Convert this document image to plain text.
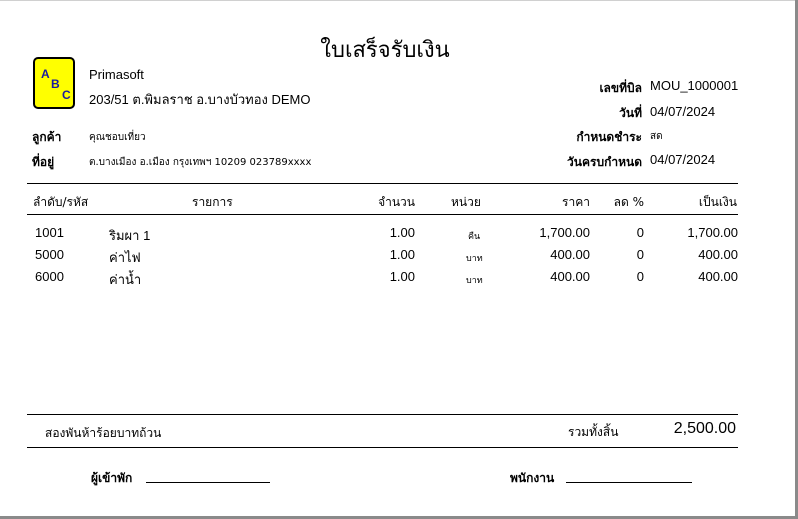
ใบเสร็จรับเงิน
A
B
C
Primasoft
203/51 ต.พิมลราช อ.บางบัวทอง DEMO
เลขที่บิล MOU_1000001
วันที่ 04/07/2024
กำหนดชำระ สด
วันครบกำหนด 04/07/2024
ลูกค้า	คุณชอบเที่ยว
ที่อยู่	ต.บางเมือง อ.เมือง กรุงเทพฯ 10209 023789xxxx
ลำดับ/รหัส	รายการ	จำนวน	หน่วย	ราคา	ลด %	เป็นเงิน
1001	ริมผา 1	1.00	คืน	1,700.00	0	1,700.00
5000	ค่าไฟ	1.00	บาท	400.00	0	400.00
6000	ค่าน้ำ	1.00	บาท	400.00	0	400.00
สองพันห้าร้อยบาทถ้วน	รวมทั้งสิ้น	2,500.00
ผู้เข้าพัก	พนักงาน
